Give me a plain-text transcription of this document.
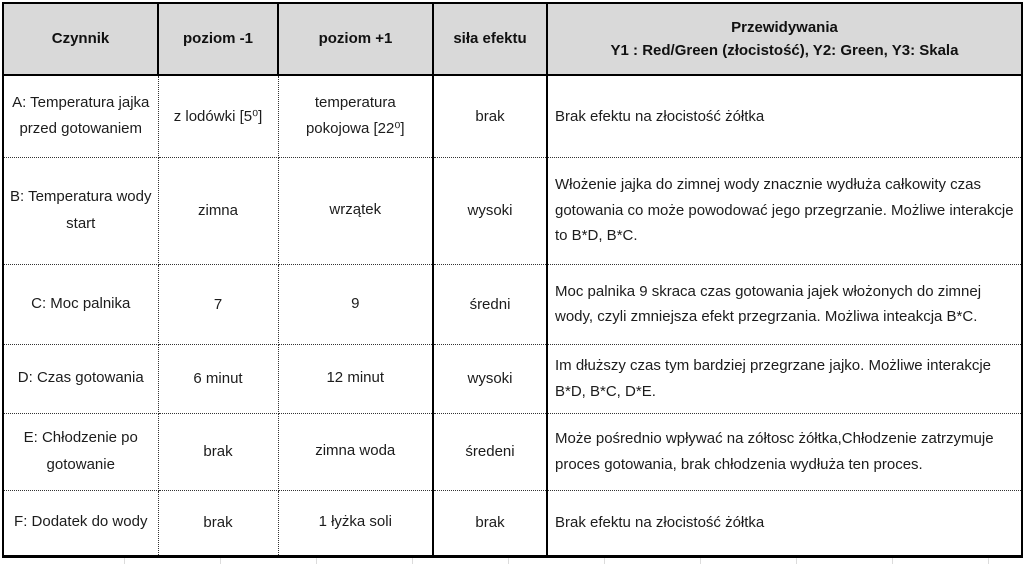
Czynnik	poziom -1	poziom +1	siła efektu	Przewidywania
Y1 : Red/Green (złocistość), Y2: Green, Y3: Skala

A: Temperatura jajka przed gotowaniem	z lodówki [5⁰]	temperatura pokojowa [22⁰]	brak	Brak efektu na złocistość żółtka
B: Temperatura wody start	zimna	wrzątek	wysoki	Włożenie jajka do zimnej wody znacznie wydłuża całkowity czas gotowania co może powodować jego przegrzanie. Możliwe interakcje to B*D, B*C.
C: Moc palnika	7	9	średni	Moc palnika 9 skraca czas gotowania jajek włożonych do zimnej wody, czyli zmniejsza efekt przegrzania. Możliwa inteakcja B*C.
D: Czas gotowania	6 minut	12 minut	wysoki	Im dłuższy czas tym bardziej przegrzane jajko. Możliwe interakcje B*D, B*C, D*E.
E: Chłodzenie po gotowanie	brak	zimna woda	średeni	Może pośrednio wpływać na zółtosc żółtka,Chłodzenie zatrzymuje proces gotowania, brak chłodzenia wydłuża ten proces.
F: Dodatek do wody	brak	1 łyżka soli	brak	Brak efektu na złocistość żółtka
